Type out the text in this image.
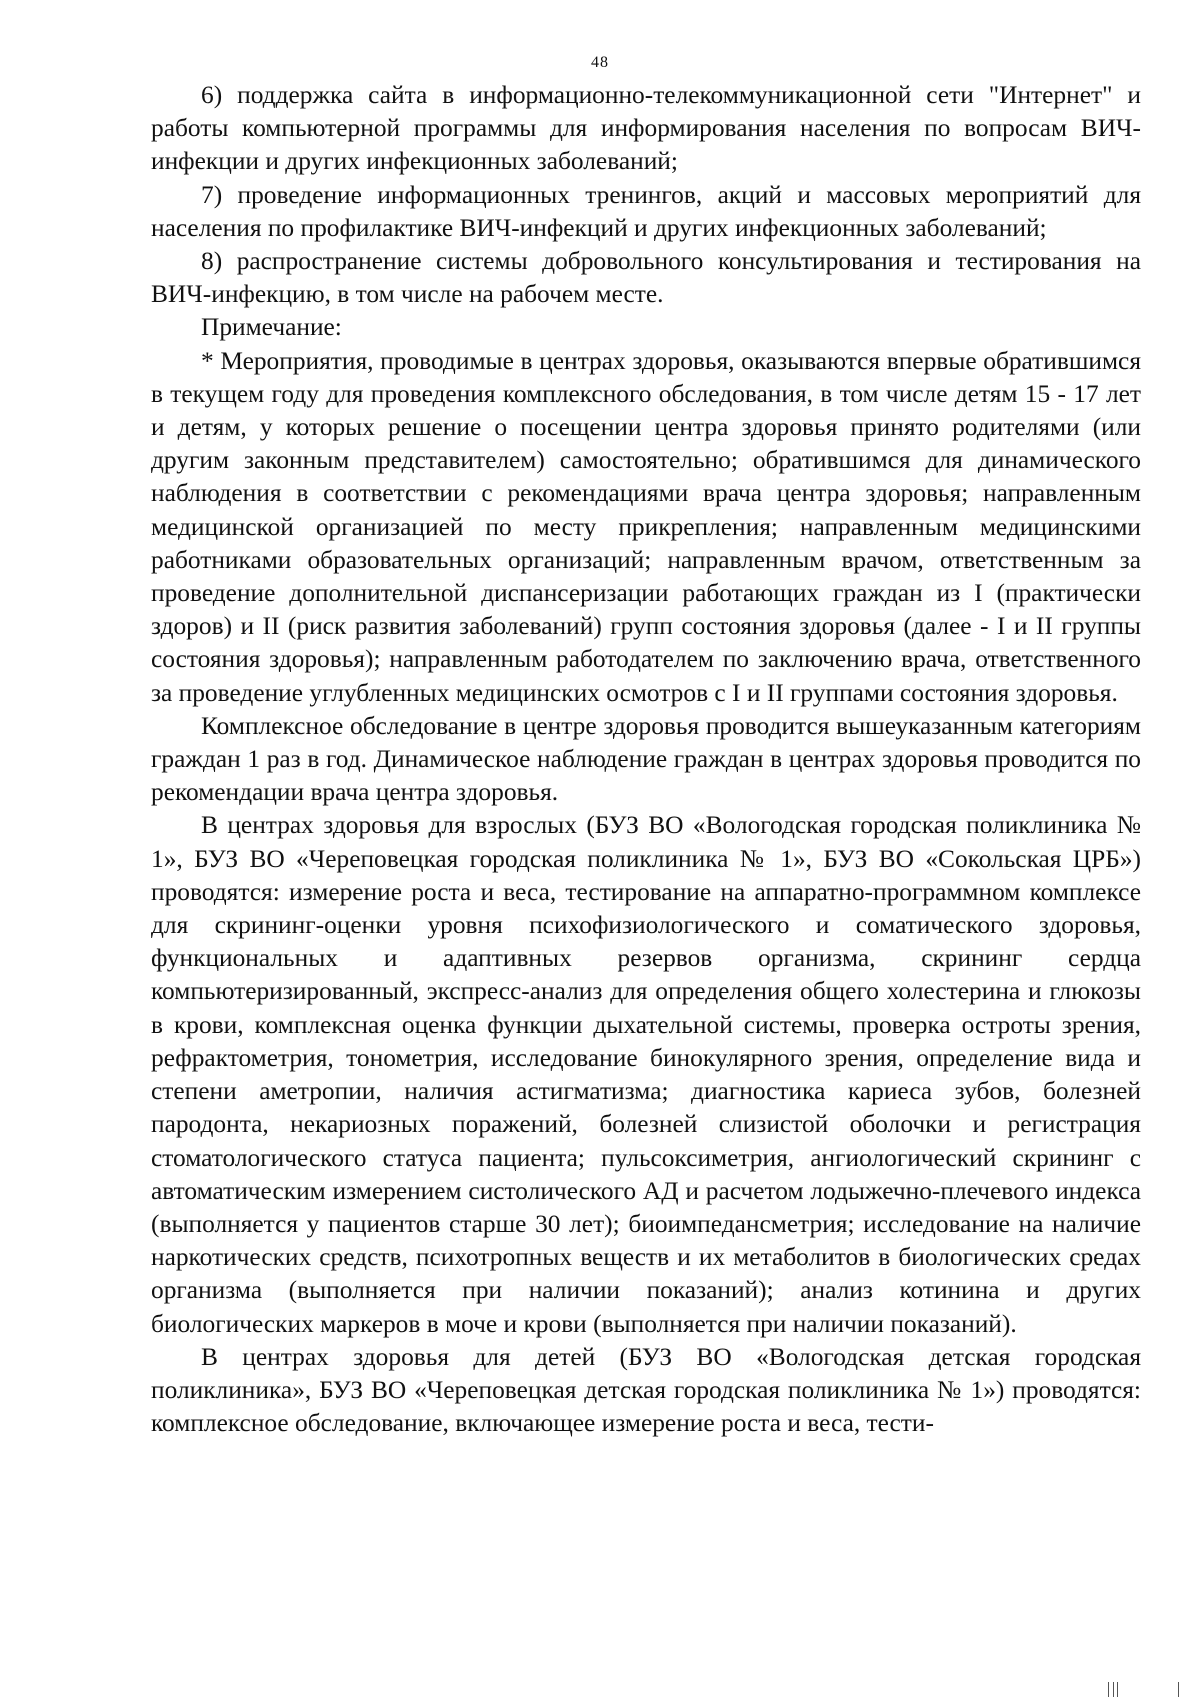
48

6) поддержка сайта в информационно-телекоммуникационной сети "Интернет" и работы компьютерной программы для информирования населения по вопросам ВИЧ-инфекции и других инфекционных заболеваний;

7) проведение информационных тренингов, акций и массовых мероприятий для населения по профилактике ВИЧ-инфекций и других инфекционных заболеваний;

8) распространение системы добровольного консультирования и тестирования на ВИЧ-инфекцию, в том числе на рабочем месте.

Примечание:

* Мероприятия, проводимые в центрах здоровья, оказываются впервые обратившимся в текущем году для проведения комплексного обследования, в том числе детям 15 - 17 лет и детям, у которых решение о посещении центра здоровья принято родителями (или другим законным представителем) самостоятельно; обратившимся для динамического наблюдения в соответствии с рекомендациями врача центра здоровья; направленным медицинской организацией по месту прикрепления; направленным медицинскими работниками образовательных организаций; направленным врачом, ответственным за проведение дополнительной диспансеризации работающих граждан из I (практически здоров) и II (риск развития заболеваний) групп состояния здоровья (далее - I и II группы состояния здоровья); направленным работодателем по заключению врача, ответственного за проведение углубленных медицинских осмотров с I и II группами состояния здоровья.

Комплексное обследование в центре здоровья проводится вышеуказанным категориям граждан 1 раз в год. Динамическое наблюдение граждан в центрах здоровья проводится по рекомендации врача центра здоровья.

В центрах здоровья для взрослых (БУЗ ВО «Вологодская городская поликлиника № 1», БУЗ ВО «Череповецкая городская поликлиника № 1», БУЗ ВО «Сокольская ЦРБ») проводятся: измерение роста и веса, тестирование на аппаратно-программном комплексе для скрининг-оценки уровня психофизиологического и соматического здоровья, функциональных и адаптивных резервов организма, скрининг сердца компьютеризированный, экспресс-анализ для определения общего холестерина и глюкозы в крови, комплексная оценка функции дыхательной системы, проверка остроты зрения, рефрактометрия, тонометрия, исследование бинокулярного зрения, определение вида и степени аметропии, наличия астигматизма; диагностика кариеса зубов, болезней пародонта, некариозных поражений, болезней слизистой оболочки и регистрация стоматологического статуса пациента; пульсоксиметрия, ангиологический скрининг с автоматическим измерением систолического АД и расчетом лодыжечно-плечевого индекса (выполняется у пациентов старше 30 лет); биоимпедансметрия; исследование на наличие наркотических средств, психотропных веществ и их метаболитов в биологических средах организма (выполняется при наличии показаний); анализ котинина и других биологических маркеров в моче и крови (выполняется при наличии показаний).

В центрах здоровья для детей (БУЗ ВО «Вологодская детская городская поликлиника», БУЗ ВО «Череповецкая детская городская поликлиника № 1») проводятся: комплексное обследование, включающее измерение роста и веса, тести-
